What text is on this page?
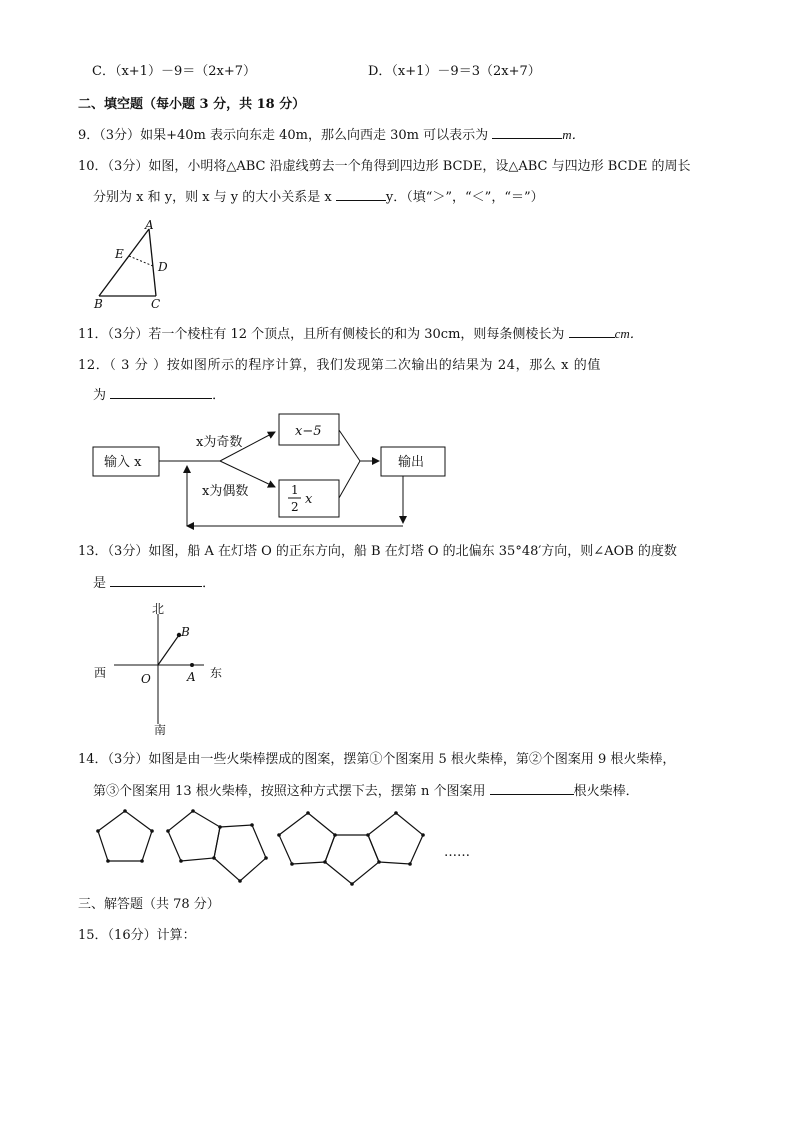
C．（x+1）－9＝（2x+7）	D．（x+1）－9＝3（2x+7）
二、填空题（每小题 3 分，共 18 分）
9．（3分）如果+40m 表示向东走 40m，那么向西走 30m 可以表示为	m．
10．（3分）如图，小明将△ABC 沿虚线剪去一个角得到四边形 BCDE，设△ABC 与四边形 BCDE 的周长
分别为 x 和 y，则 x 与 y 的大小关系是 x	y．（填“＞”，“＜”，“＝”）
A
E
D
B	C
11．（3分）若一个棱柱有 12 个顶点，且所有侧棱长的和为 30cm，则每条侧棱长为	cm．
12．（ 3 分 ）按如图所示的程序计算，我们发现第二次输出的结果为 24，那么 x 的值
为	．
输入 x
x为奇数
x为偶数
x−5
1
2 x
输出
13．（3分）如图，船 A 在灯塔 O 的正东方向，船 B 在灯塔 O 的北偏东 35°48′方向，则∠AOB 的度数
是	．
北
南
西	东
O	A
B
14．（3分）如图是由一些火柴棒摆成的图案，摆第①个图案用 5 根火柴棒，第②个图案用 9 根火柴棒，
第③个图案用 13 根火柴棒，按照这种方式摆下去，摆第 n 个图案用	根火柴棒．
……
三、解答题（共 78 分）
15．（16分）计算：
